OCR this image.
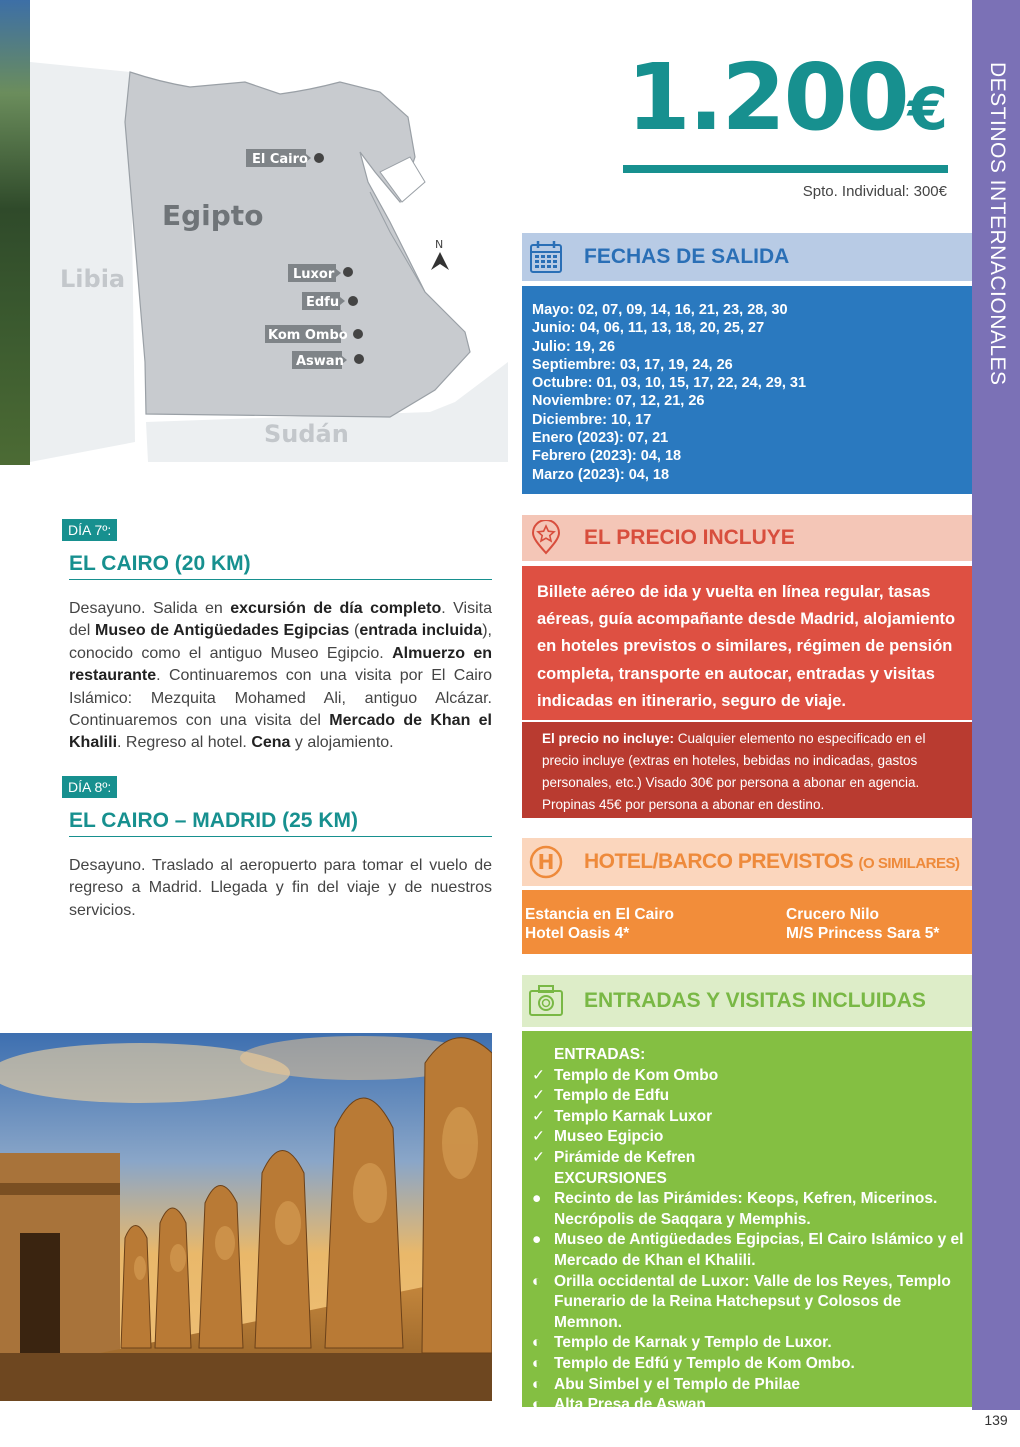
Egipto
Libia
Sudán
N
El Cairo
Luxor
Edfu
Kom Ombo
Aswan
1.200€
Spto. Individual: 300€	DESTINOS INTERNACIONALES
139
FECHAS DE SALIDA
Mayo: 02, 07, 09, 14, 16, 21, 23, 28, 30
Junio: 04, 06, 11, 13, 18, 20, 25, 27
Julio: 19, 26
Septiembre: 03, 17, 19, 24, 26
Octubre: 01, 03, 10, 15, 17, 22, 24, 29, 31
Noviembre: 07, 12, 21, 26
Diciembre: 10, 17
Enero (2023): 07, 21
Febrero (2023): 04, 18
Marzo (2023): 04, 18
EL PRECIO INCLUYE
Billete aéreo de ida y vuelta en línea regular, tasas aéreas, guía acompañante desde Madrid, alojamiento en hoteles previstos o similares, régimen de pensión completa, transporte en autocar, entradas y visitas indicadas en itinerario, seguro de viaje.
El precio no incluye: Cualquier elemento no especificado en el precio incluye (extras en hoteles, bebidas no indicadas, gastos personales, etc.) Visado 30€ por persona a abonar en agencia. Propinas 45€ por persona a abonar en destino.
H HOTEL/BARCO PREVISTOS (O SIMILARES)
Estancia en El Cairo
Hotel Oasis 4*
Crucero Nilo
M/S Princess Sara 5*
ENTRADAS Y VISITAS INCLUIDAS
ENTRADAS:
✓ Templo de Kom Ombo
✓ Templo de Edfu
✓ Templo Karnak Luxor
✓ Museo Egipcio
✓ Pirámide de Kefren
EXCURSIONES
● Recinto de las Pirámides: Keops, Kefren, Micerinos. Necrópolis de Saqqara y Memphis.
● Museo de Antigüedades Egipcias, El Cairo Islámico y el Mercado de Khan el Khalili.
◐ Orilla occidental de Luxor: Valle de los Reyes, Templo Funerario de la Reina Hatchepsut y Colosos de Memnon.
◐ Templo de Karnak y Templo de Luxor.
◐ Templo de Edfú y Templo de Kom Ombo.
◐ Abu Simbel y el Templo de Philae
◐ Alta Presa de Aswan
DÍA 7º:
EL CAIRO (20 KM)
Desayuno. Salida en excursión de día completo. Visita del Museo de Antigüedades Egipcias (entrada incluida), conocido como el antiguo Museo Egipcio. Almuerzo en restaurante. Continuaremos con una visita por El Cairo Islámico: Mezquita Mohamed Ali, antiguo Alcázar. Continuaremos con una visita del Mercado de Khan el Khalili. Regreso al hotel. Cena y alojamiento.
DÍA 8º:
EL CAIRO – MADRID (25 KM)
Desayuno. Traslado al aeropuerto para tomar el vuelo de regreso a Madrid. Llegada y fin del viaje y de nuestros servicios.
